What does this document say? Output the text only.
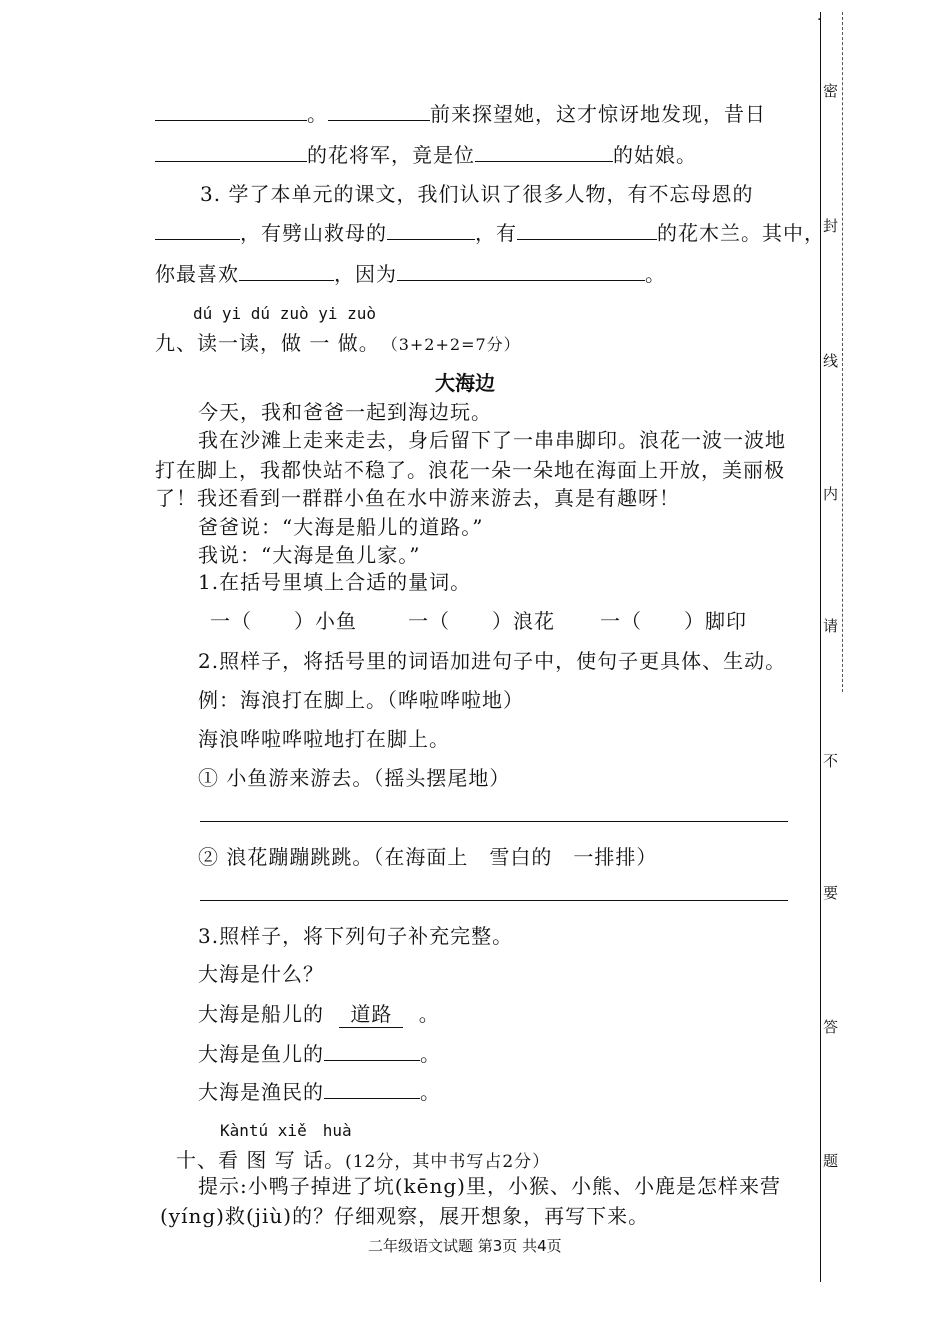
。	前来探望她，这才惊讶地发现，昔日
的花将军，竟是位	的姑娘。
3. 学了本单元的课文，我们认识了很多人物，有不忘母恩的
，有劈山救母的	，有	的花木兰。其中，
你最喜欢	，因为	。
dú yi dú zuò yi zuò
九、读一读，做 一 做。 （3+2+2=7分）
大海边
今天，我和爸爸一起到海边玩。
我在沙滩上走来走去，身后留下了一串串脚印。浪花一波一波地
打在脚上，我都快站不稳了。浪花一朵一朵地在海面上开放，美丽极
了！我还看到一群群小鱼在水中游来游去，真是有趣呀！
爸爸说：“大海是船儿的道路。”
我说：“大海是鱼儿家。”
1.在括号里填上合适的量词。
一（　　）小鱼	一（　　）浪花 一（　　）脚印
2.照样子，将括号里的词语加进句子中，使句子更具体、生动。
例：海浪打在脚上。（哗啦哗啦地）
海浪哗啦哗啦地打在脚上。
① 小鱼游来游去。（摇头摆尾地）
② 浪花蹦蹦跳跳。（在海面上　雪白的　一排排）
3.照样子，将下列句子补充完整。
大海是什么？
大海是船儿的 道路 。
大海是鱼儿的	。
大海是渔民的	。
Kàntú xiě　huà
十、看 图 写 话。(12分，其中书写占2分）
提示:小鸭子掉进了坑(kēng)里，小猴、小熊、小鹿是怎样来营
(yíng)救(jiù)的？仔细观察，展开想象，再写下来。
二年级语文试题 第3页 共4页
密
封
线
内
请
不
要
答
题
.
